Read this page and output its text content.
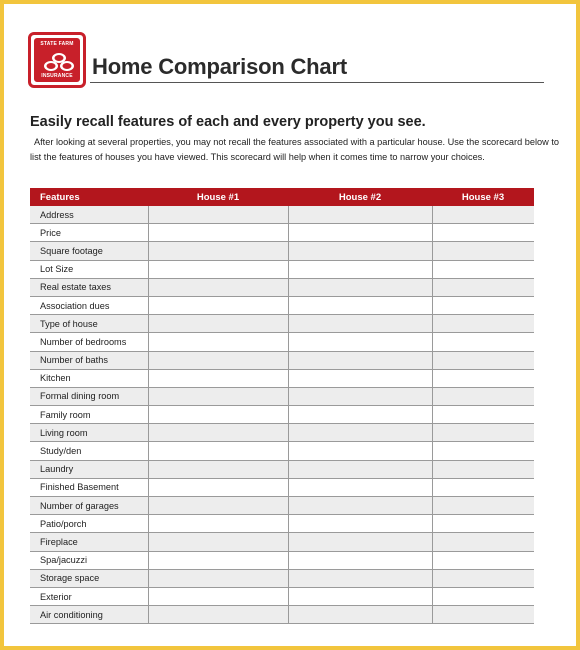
STATE FARM
INSURANCE Home Comparison Chart
Easily recall features of each and every property you see.
After looking at several properties, you may not recall the features associated with a particular house. Use the scorecard below to
list the features of houses you have viewed. This scorecard will help when it comes time to narrow your choices.
Features	House #1	House #2	House #3
Address			
Price			
Square footage			
Lot Size			
Real estate taxes			
Association dues			
Type of house			
Number of bedrooms			
Number of baths			
Kitchen			
Formal dining room			
Family room			
Living room			
Study/den			
Laundry			
Finished Basement			
Number of garages			
Patio/porch			
Fireplace			
Spa/jacuzzi			
Storage space			
Exterior			
Air conditioning			
